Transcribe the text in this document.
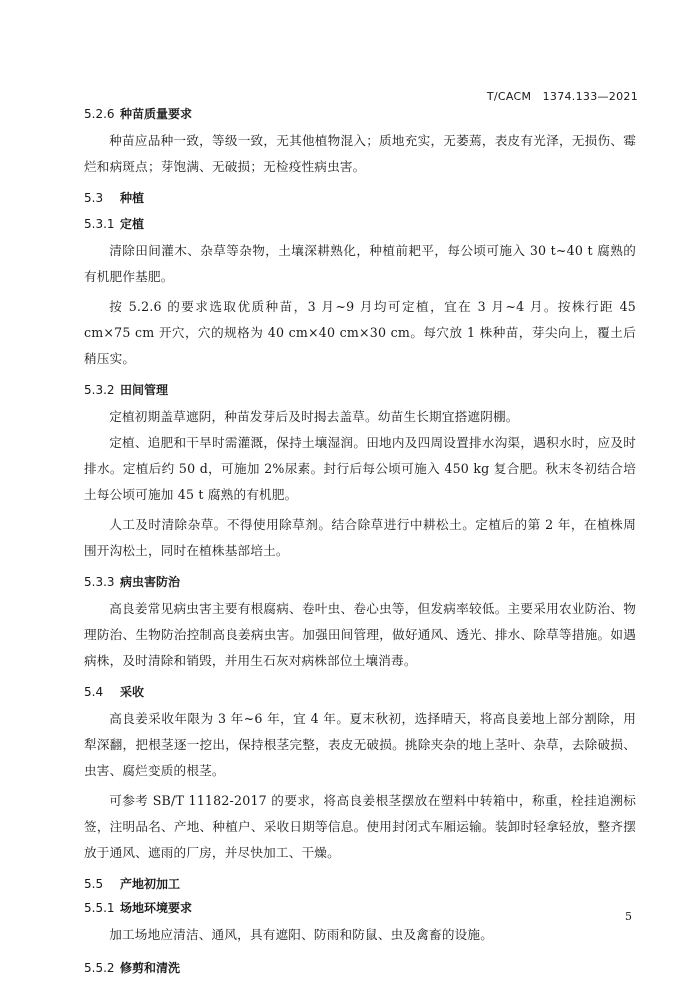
T/CACM　1374.133—2021
5.2.6 种苗质量要求

种苗应品种一致，等级一致，无其他植物混入；质地充实，无萎蔫，表皮有光泽，无损伤、霉烂和病斑点；芽饱满、无破损；无检疫性病虫害。

5.3 种植
5.3.1 定植

清除田间灌木、杂草等杂物，土壤深耕熟化，种植前耙平，每公顷可施入 30 t~40 t 腐熟的有机肥作基肥。

按 5.2.6 的要求选取优质种苗，3 月~9 月均可定植，宜在 3 月~4 月。按株行距 45 cm×75 cm 开穴，穴的规格为 40 cm×40 cm×30 cm。每穴放 1 株种苗，芽尖向上，覆土后稍压实。

5.3.2 田间管理

定植初期盖草遮阴，种苗发芽后及时揭去盖草。幼苗生长期宜搭遮阴棚。

定植、追肥和干旱时需灌溉，保持土壤湿润。田地内及四周设置排水沟渠，遇积水时，应及时排水。定植后约 50 d，可施加 2%尿素。封行后每公顷可施入 450 kg 复合肥。秋末冬初结合培土每公顷可施加 45 t 腐熟的有机肥。

人工及时清除杂草。不得使用除草剂。结合除草进行中耕松土。定植后的第 2 年，在植株周围开沟松土，同时在植株基部培土。

5.3.3 病虫害防治

高良姜常见病虫害主要有根腐病、卷叶虫、卷心虫等，但发病率较低。主要采用农业防治、物理防治、生物防治控制高良姜病虫害。加强田间管理，做好通风、透光、排水、除草等措施。如遇病株，及时清除和销毁，并用生石灰对病株部位土壤消毒。

5.4 采收

高良姜采收年限为 3 年~6 年，宜 4 年。夏末秋初，选择晴天，将高良姜地上部分割除，用犁深翻，把根茎逐一挖出，保持根茎完整，表皮无破损。挑除夹杂的地上茎叶、杂草，去除破损、虫害、腐烂变质的根茎。

可参考 SB/T 11182-2017 的要求，将高良姜根茎摆放在塑料中转箱中，称重，栓挂追溯标签，注明品名、产地、种植户、采收日期等信息。使用封闭式车厢运输。装卸时轻拿轻放，整齐摆放于通风、遮雨的厂房，并尽快加工、干燥。

5.5 产地初加工
5.5.1 场地环境要求

加工场地应清洁、通风，具有遮阳、防雨和防鼠、虫及禽畜的设施。

5.5.2 修剪和清洗
5
